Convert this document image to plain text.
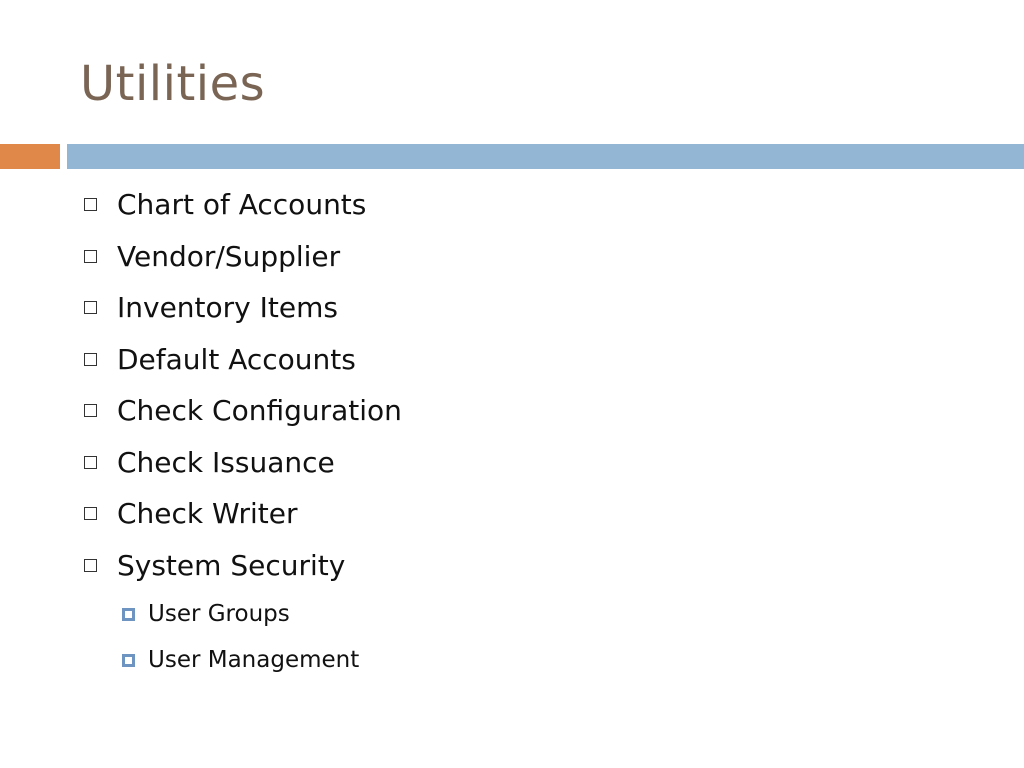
Utilities
Chart of Accounts
Vendor/Supplier
Inventory Items
Default Accounts
Check Configuration
Check Issuance
Check Writer
System Security
User Groups
User Management
